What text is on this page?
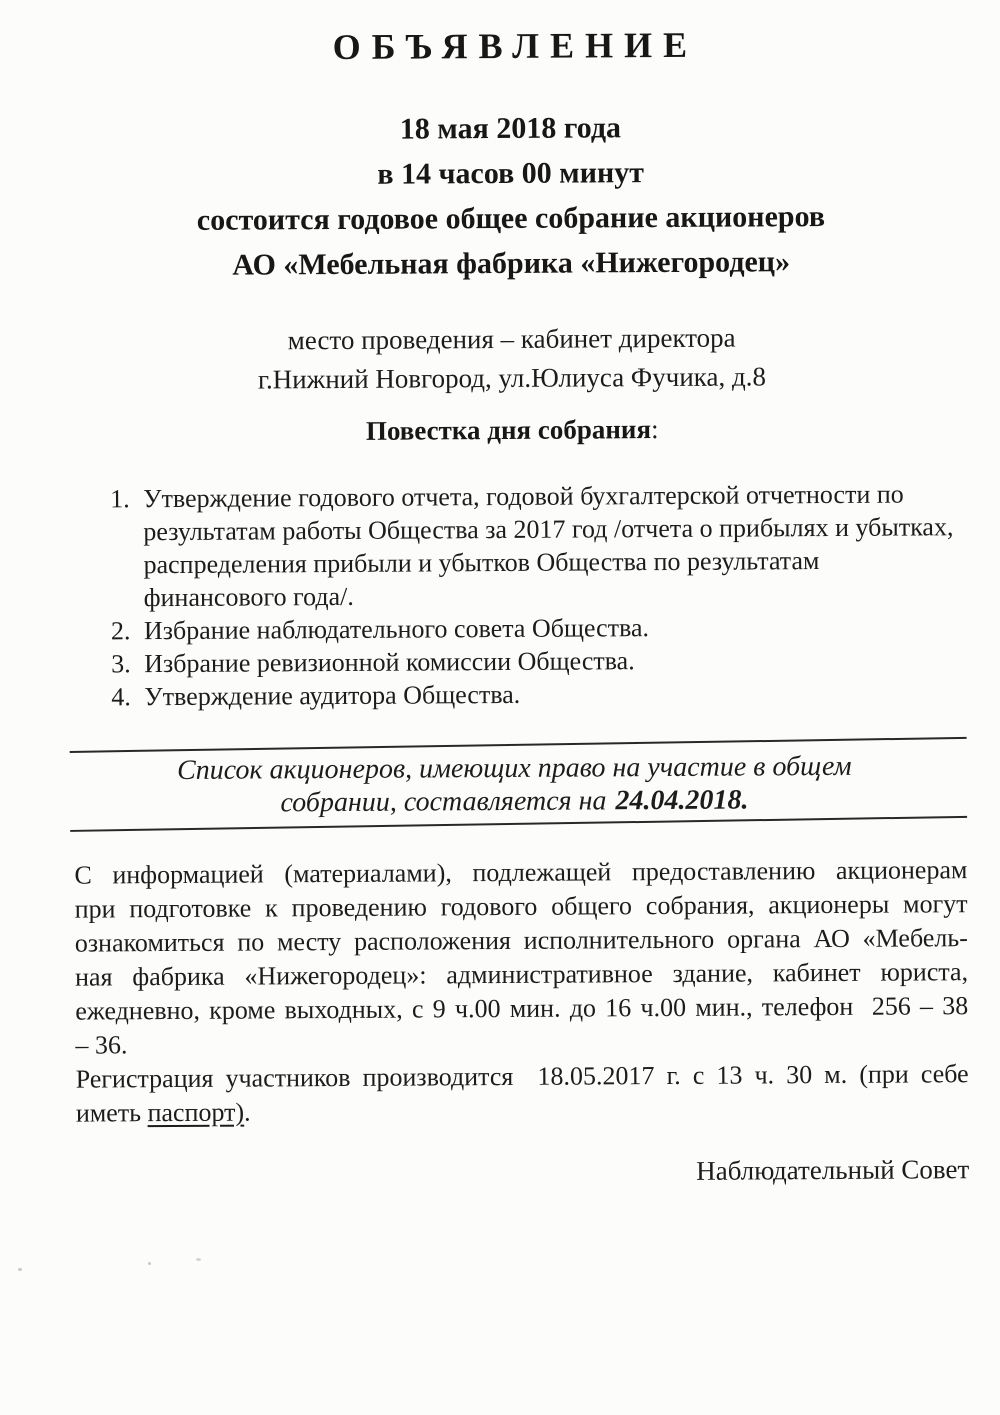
ОБЪЯВЛЕНИЕ
18 мая 2018 года
в 14 часов 00 минут
состоится годовое общее собрание акционеров
АО «Мебельная фабрика «Нижегородец»
место проведения – кабинет директора
г.Нижний Новгород, ул.Юлиуса Фучика, д.8
Повестка дня собрания:
1. Утверждение годового отчета, годовой бухгалтерской отчетности по результатам работы Общества за 2017 год /отчета о прибылях и убытках, распределения прибыли и убытков Общества по результатам финансового года/.
2. Избрание наблюдательного совета Общества.
3. Избрание ревизионной комиссии Общества.
4. Утверждение аудитора Общества.
Список акционеров, имеющих право на участие в общем
собрании, составляется на 24.04.2018.
С информацией (материалами), подлежащей предоставлению акционерам
при подготовке к проведению годового общего собрания, акционеры могут
ознакомиться по месту расположения исполнительного органа АО «Мебель-
ная фабрика «Нижегородец»: административное здание, кабинет юриста,
ежедневно, кроме выходных, с 9 ч.00 мин. до 16 ч.00 мин., телефон  256 – 38
– 36.
Регистрация участников производится  18.05.2017 г. с 13 ч. 30 м. (при себе
иметь паспорт).
Наблюдательный Совет
